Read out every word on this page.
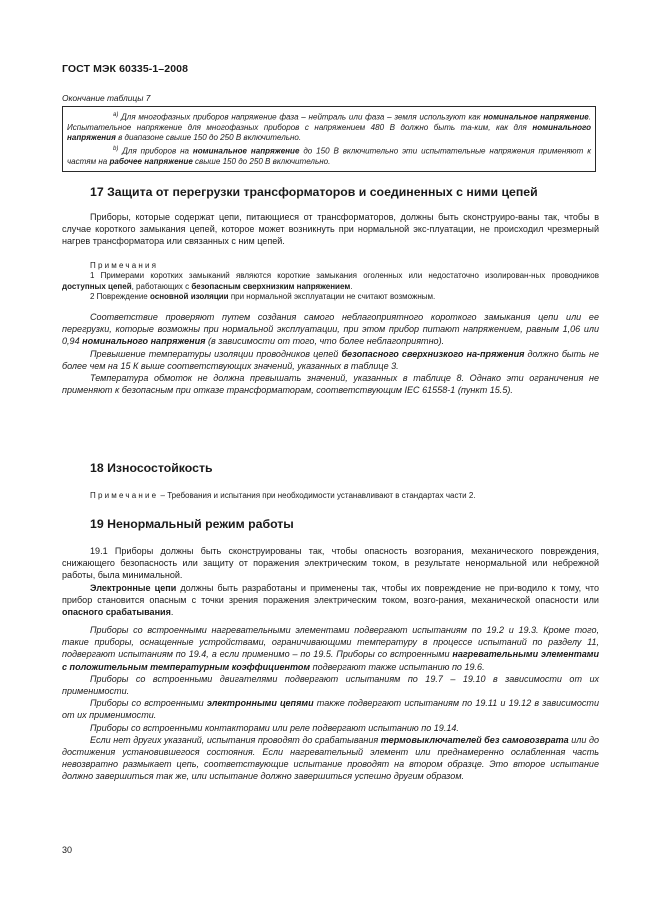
ГОСТ МЭК 60335-1–2008
Окончание таблицы 7

$^{a)}$ Для многофазных приборов напряжение фаза – нейтраль или фаза – земля используют как номинальное напряжение. Испытательное напряжение для многофазных приборов с напряжением 480 В должно быть та-ким, как для номинального напряжения в диапазоне свыше 150 до 250 В включительно.

$^{b)}$ Для приборов на номинальное напряжение до 150 В включительно эти испытательные напряжения применяют к частям на рабочее напряжение свыше 150 до 250 В включительно.

17 Защита от перегрузки трансформаторов и соединенных с ними цепей

Приборы, которые содержат цепи, питающиеся от трансформаторов, должны быть сконструиро-ваны так, чтобы в случае короткого замыкания цепей, которое может возникнуть при нормальной экс-плуатации, не происходил чрезмерный нагрев трансформатора или связанных с ним цепей.

Примечания

1 Примерами коротких замыканий являются короткие замыкания оголенных или недостаточно изолирован-ных проводников доступных цепей, работающих с безопасным сверхнизким напряжением.

2 Повреждение основной изоляции при нормальной эксплуатации не считают возможным.

Соответствие проверяют путем создания самого неблагоприятного короткого замыкания цепи или ее перегрузки, которые возможны при нормальной эксплуатации, при этом прибор питают напряжением, равным 1,06 или 0,94 номинального напряжения (в зависимости от того, что более неблагоприятно).

Превышение температуры изоляции проводников цепей безопасного сверхнизкого на-пряжения должно быть не более чем на 15 К выше соответствующих значений, указанных в таблице 3.

Температура обмоток не должна превышать значений, указанных в таблице 8. Однако эти ограничения не применяют к безопасным при отказе трансформаторам, соответствующим IEC 61558-1 (пункт 15.5).

18 Износостойкость

Примечание – Требования и испытания при необходимости устанавливают в стандартах части 2.

19 Ненормальный режим работы

19.1 Приборы должны быть сконструированы так, чтобы опасность возгорания, механического повреждения, снижающего безопасность или защиту от поражения электрическим током, в результате ненормальной или небрежной работы, была минимальной.

Электронные цепи должны быть разработаны и применены так, чтобы их повреждение не при-водило к тому, что прибор становится опасным с точки зрения поражения электрическим током, возго-рания, механической опасности или опасного срабатывания.

Приборы со встроенными нагревательными элементами подвергают испытаниям по 19.2 и 19.3. Кроме того, такие приборы, оснащенные устройствами, ограничивающими температуру в процессе испытаний по разделу 11, подвергают испытаниям по 19.4, а если применимо – по 19.5. Приборы со встроенными нагревательными элементами с положительным температурным коэффициентом подвергают также испытанию по 19.6.

Приборы со встроенными двигателями подвергают испытаниям по 19.7 – 19.10 в зависимости от их применимости.

Приборы со встроенными электронными цепями также подвергают испытаниям по 19.11 и 19.12 в зависимости от их применимости.

Приборы со встроенными контакторами или реле подвергают испытанию по 19.14.

Если нет других указаний, испытания проводят до срабатывания термовыключателей без самовозврата или до достижения установившегося состояния. Если нагревательный элемент или преднамеренно ослабленная часть невозвратно размыкает цепь, соответствующие испытание проводят на втором образце. Это второе испытание должно завершиться так же, или испытание должно завершиться успешно другим образом.

30
